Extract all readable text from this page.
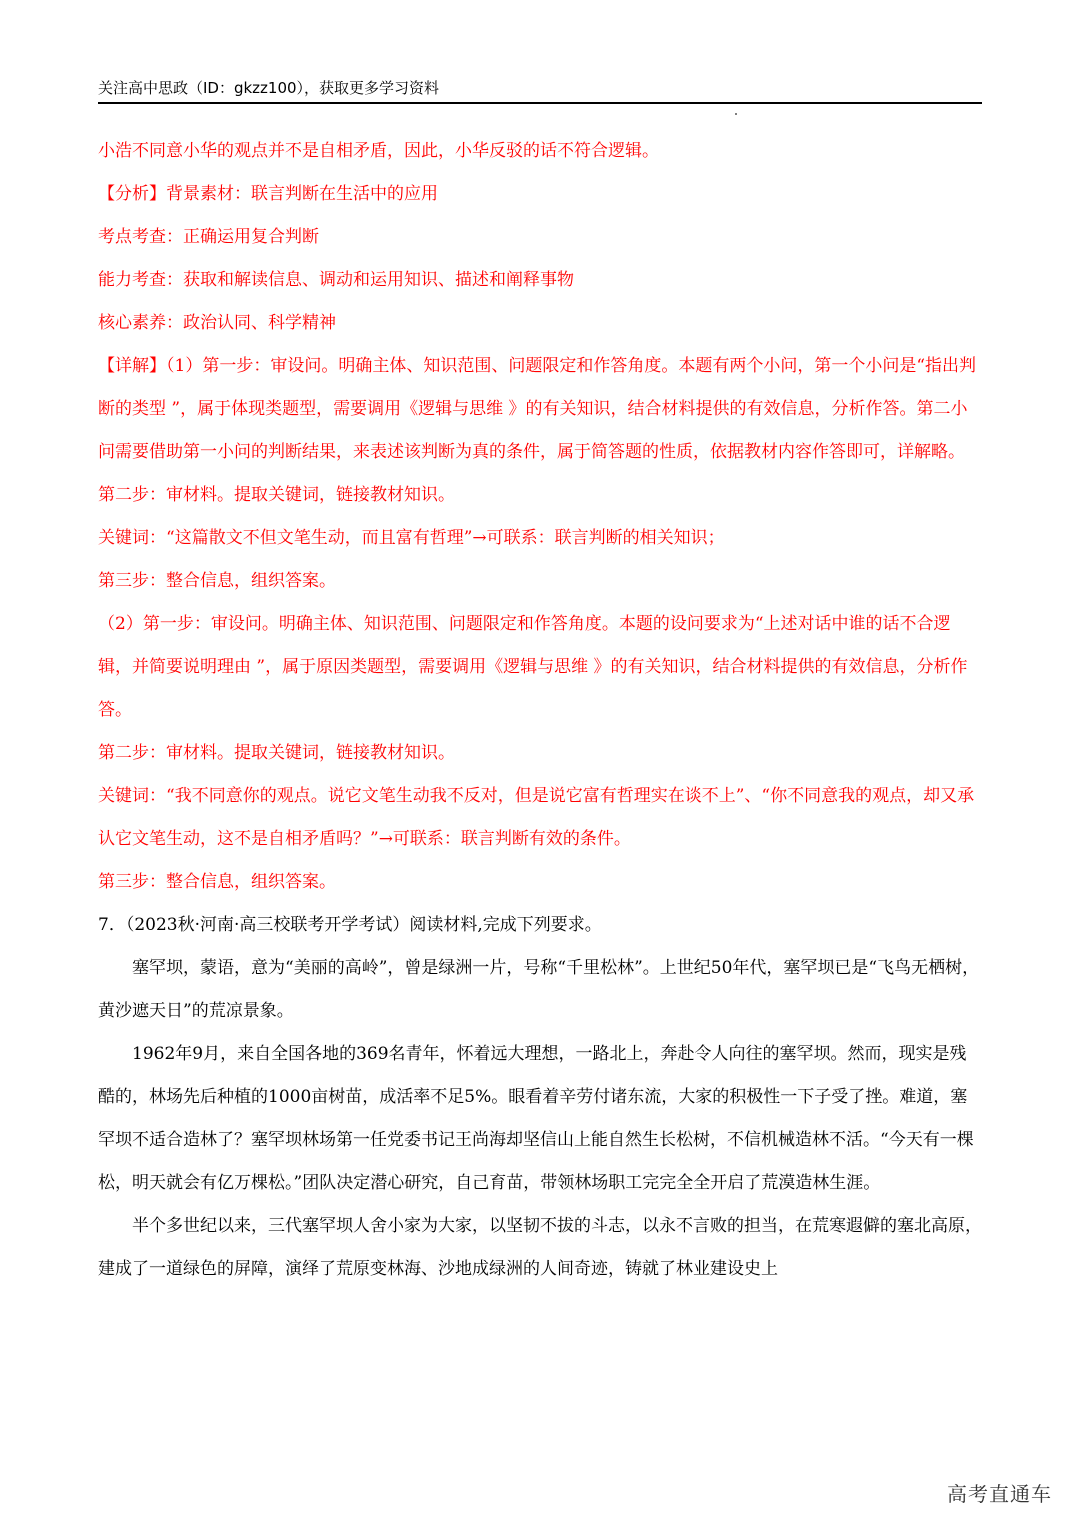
关注高中思政（ID：gkzz100），获取更多学习资料

小浩不同意小华的观点并不是自相矛盾，因此，小华反驳的话不符合逻辑。

【分析】背景素材：联言判断在生活中的应用

考点考查：正确运用复合判断

能力考查：获取和解读信息、调动和运用知识、描述和阐释事物

核心素养：政治认同、科学精神

【详解】（1）第一步：审设问。明确主体、知识范围、问题限定和作答角度。本题有两个小问，第一个小问是“指出判断的类型 ”，属于体现类题型，需要调用《逻辑与思维 》的有关知识，结合材料提供的有效信息，分析作答。第二小问需要借助第一小问的判断结果，来表述该判断为真的条件，属于简答题的性质，依据教材内容作答即可，详解略。

第二步：审材料。提取关键词，链接教材知识。

关键词：“这篇散文不但文笔生动，而且富有哲理”→可联系：联言判断的相关知识；

第三步：整合信息，组织答案。

（2）第一步：审设问。明确主体、知识范围、问题限定和作答角度。本题的设问要求为“上述对话中谁的话不合逻辑，并简要说明理由 ”，属于原因类题型，需要调用《逻辑与思维 》的有关知识，结合材料提供的有效信息，分析作答。

第二步：审材料。提取关键词，链接教材知识。

关键词：“我不同意你的观点。说它文笔生动我不反对，但是说它富有哲理实在谈不上”、“你不同意我的观点，却又承认它文笔生动，这不是自相矛盾吗？”→可联系：联言判断有效的条件。

第三步：整合信息，组织答案。

7．（2023秋·河南·高三校联考开学考试）阅读材料,完成下列要求。

塞罕坝，蒙语，意为“美丽的高岭”，曾是绿洲一片，号称“千里松林”。上世纪50年代，塞罕坝已是“飞鸟无栖树，黄沙遮天日”的荒凉景象。

1962年9月，来自全国各地的369名青年，怀着远大理想，一路北上，奔赴令人向往的塞罕坝。然而，现实是残酷的，林场先后种植的1000亩树苗，成活率不足5%。眼看着辛劳付诸东流，大家的积极性一下子受了挫。难道，塞罕坝不适合造林了？塞罕坝林场第一任党委书记王尚海却坚信山上能自然生长松树，不信机械造林不活。“今天有一棵松，明天就会有亿万棵松。”团队决定潜心研究，自己育苗，带领林场职工完完全全开启了荒漠造林生涯。

半个多世纪以来，三代塞罕坝人舍小家为大家，以坚韧不拔的斗志，以永不言败的担当，在荒寒遐僻的塞北高原，建成了一道绿色的屏障，演绎了荒原变林海、沙地成绿洲的人间奇迹，铸就了林业建设史上

高考直通车
